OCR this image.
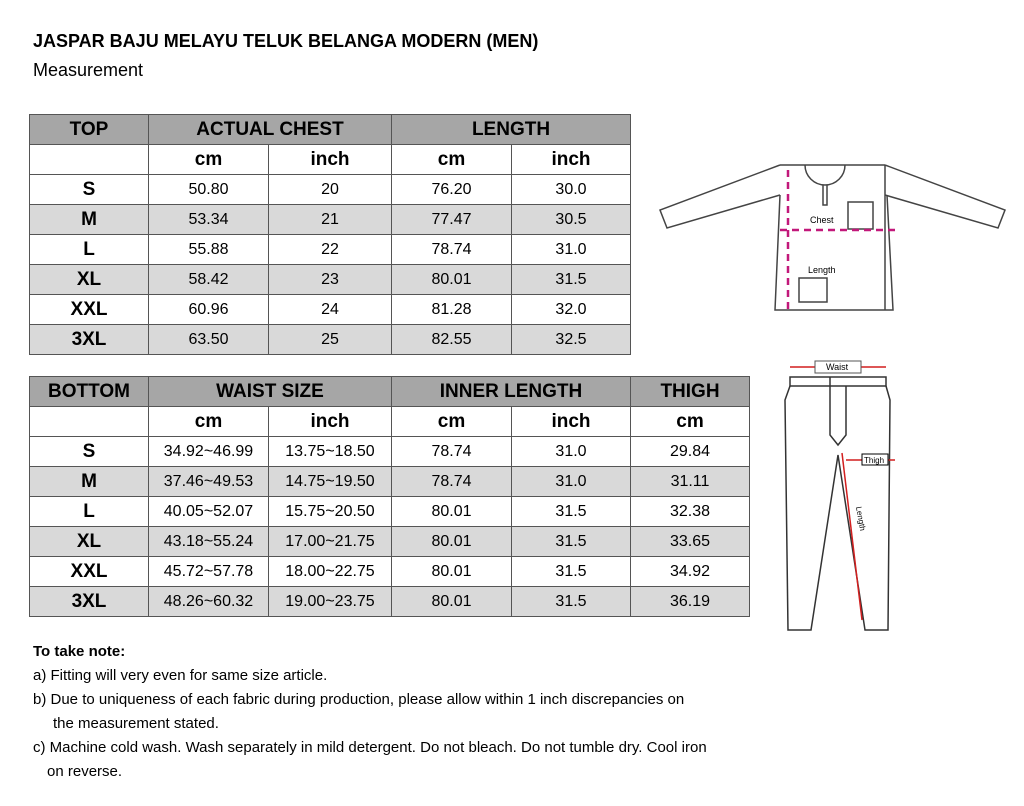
JASPAR BAJU MELAYU TELUK BELANGA MODERN (MEN)
Measurement
TOP	ACTUAL CHEST		LENGTH	
	cm	inch	cm	inch
S	50.80	20	76.20	30.0
M	53.34	21	77.47	30.5
L	55.88	22	78.74	31.0
XL	58.42	23	80.01	31.5
XXL	60.96	24	81.28	32.0
3XL	63.50	25	82.55	32.5
BOTTOM	WAIST SIZE		INNER LENGTH		THIGH
	cm	inch	cm	inch	cm
S	34.92~46.99	13.75~18.50	78.74	31.0	29.84
M	37.46~49.53	14.75~19.50	78.74	31.0	31.11
L	40.05~52.07	15.75~20.50	80.01	31.5	32.38
XL	43.18~55.24	17.00~21.75	80.01	31.5	33.65
XXL	45.72~57.78	18.00~22.75	80.01	31.5	34.92
3XL	48.26~60.32	19.00~23.75	80.01	31.5	36.19
Chest
Length
Waist
Thigh
Length
To take note:
a) Fitting will very even for same size article.
b) Due to uniqueness of each fabric during production, please allow within 1 inch discrepancies on
the measurement stated.
c) Machine cold wash. Wash separately in mild detergent. Do not bleach. Do not tumble dry. Cool iron
on reverse.
